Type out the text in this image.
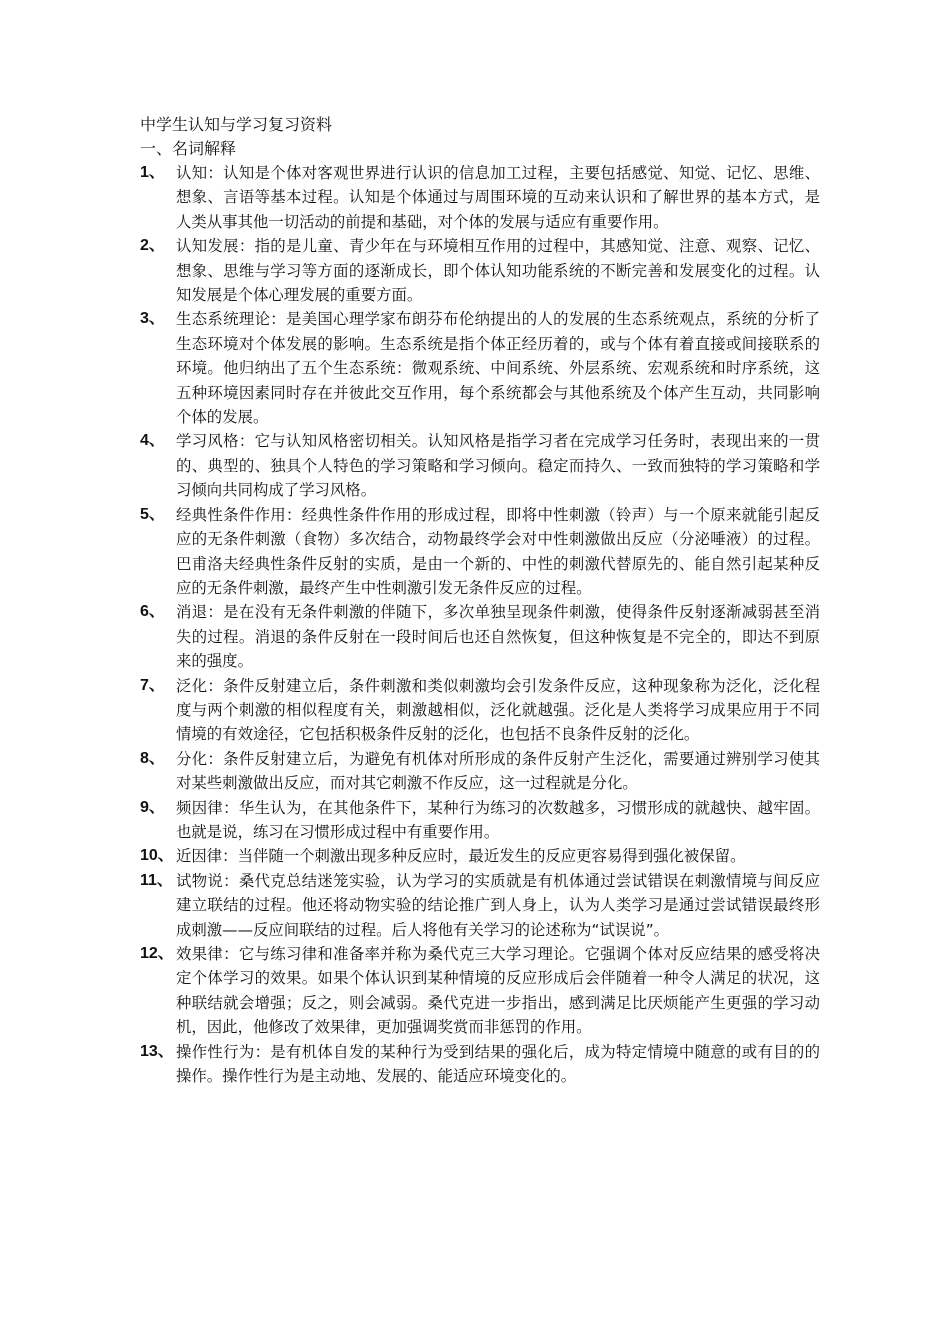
中学生认知与学习复习资料

一、名词解释

1、 认知：认知是个体对客观世界进行认识的信息加工过程，主要包括感觉、知觉、记忆、思维、想象、言语等基本过程。认知是个体通过与周围环境的互动来认识和了解世界的基本方式，是人类从事其他一切活动的前提和基础，对个体的发展与适应有重要作用。
2、 认知发展：指的是儿童、青少年在与环境相互作用的过程中，其感知觉、注意、观察、记忆、想象、思维与学习等方面的逐渐成长，即个体认知功能系统的不断完善和发展变化的过程。认知发展是个体心理发展的重要方面。
3、 生态系统理论：是美国心理学家布朗芬布伦纳提出的人的发展的生态系统观点，系统的分析了生态环境对个体发展的影响。生态系统是指个体正经历着的，或与个体有着直接或间接联系的环境。他归纳出了五个生态系统：微观系统、中间系统、外层系统、宏观系统和时序系统，这五种环境因素同时存在并彼此交互作用，每个系统都会与其他系统及个体产生互动，共同影响个体的发展。
4、 学习风格：它与认知风格密切相关。认知风格是指学习者在完成学习任务时，表现出来的一贯的、典型的、独具个人特色的学习策略和学习倾向。稳定而持久、一致而独特的学习策略和学习倾向共同构成了学习风格。
5、 经典性条件作用：经典性条件作用的形成过程，即将中性刺激（铃声）与一个原来就能引起反应的无条件刺激（食物）多次结合，动物最终学会对中性刺激做出反应（分泌唾液）的过程。巴甫洛夫经典性条件反射的实质，是由一个新的、中性的刺激代替原先的、能自然引起某种反应的无条件刺激，最终产生中性刺激引发无条件反应的过程。
6、 消退：是在没有无条件刺激的伴随下，多次单独呈现条件刺激，使得条件反射逐渐减弱甚至消失的过程。消退的条件反射在一段时间后也还自然恢复，但这种恢复是不完全的，即达不到原来的强度。
7、 泛化：条件反射建立后，条件刺激和类似刺激均会引发条件反应，这种现象称为泛化，泛化程度与两个刺激的相似程度有关，刺激越相似，泛化就越强。泛化是人类将学习成果应用于不同情境的有效途径，它包括积极条件反射的泛化，也包括不良条件反射的泛化。
8、 分化：条件反射建立后，为避免有机体对所形成的条件反射产生泛化，需要通过辨别学习使其对某些刺激做出反应，而对其它刺激不作反应，这一过程就是分化。
9、 频因律：华生认为，在其他条件下，某种行为练习的次数越多，习惯形成的就越快、越牢固。也就是说，练习在习惯形成过程中有重要作用。
10、 近因律：当伴随一个刺激出现多种反应时，最近发生的反应更容易得到强化被保留。
11、 试物说：桑代克总结迷笼实验，认为学习的实质就是有机体通过尝试错误在刺激情境与间反应建立联结的过程。他还将动物实验的结论推广到人身上，认为人类学习是通过尝试错误最终形成刺激——反应间联结的过程。后人将他有关学习的论述称为“试误说”。
12、 效果律：它与练习律和准备率并称为桑代克三大学习理论。它强调个体对反应结果的感受将决定个体学习的效果。如果个体认识到某种情境的反应形成后会伴随着一种令人满足的状况，这种联结就会增强；反之，则会减弱。桑代克进一步指出，感到满足比厌烦能产生更强的学习动机，因此，他修改了效果律，更加强调奖赏而非惩罚的作用。
13、 操作性行为：是有机体自发的某种行为受到结果的强化后，成为特定情境中随意的或有目的的操作。操作性行为是主动地、发展的、能适应环境变化的。
